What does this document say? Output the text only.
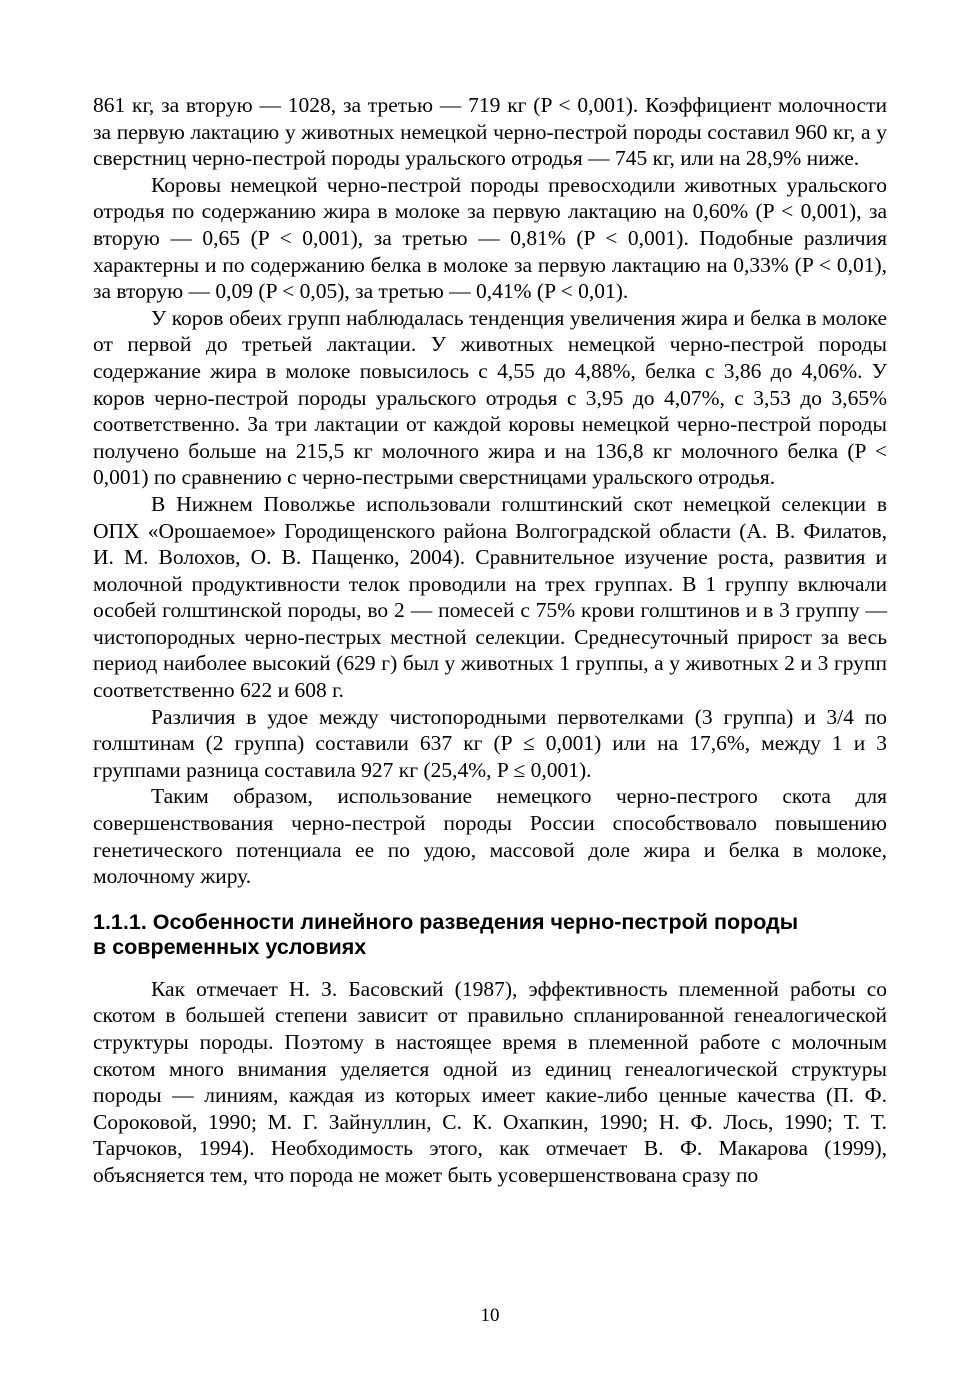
861 кг, за вторую — 1028, за третью — 719 кг (P < 0,001). Коэффициент молочности за первую лактацию у животных немецкой черно-пестрой породы составил 960 кг, а у сверстниц черно-пестрой породы уральского отродья — 745 кг, или на 28,9% ниже.

Коровы немецкой черно-пестрой породы превосходили животных уральского отродья по содержанию жира в молоке за первую лактацию на 0,60% (P < 0,001), за вторую — 0,65 (P < 0,001), за третью — 0,81% (P < 0,001). Подобные различия характерны и по содержанию белка в молоке за первую лактацию на 0,33% (P < 0,01), за вторую — 0,09 (P < 0,05), за третью — 0,41% (P < 0,01).

У коров обеих групп наблюдалась тенденция увеличения жира и белка в молоке от первой до третьей лактации. У животных немецкой черно-пестрой породы содержание жира в молоке повысилось с 4,55 до 4,88%, белка с 3,86 до 4,06%. У коров черно-пестрой породы уральского отродья с 3,95 до 4,07%, с 3,53 до 3,65% соответственно. За три лактации от каждой коровы немецкой черно-пестрой породы получено больше на 215,5 кг молочного жира и на 136,8 кг молочного белка (P < 0,001) по сравнению с черно-пестрыми сверстницами уральского отродья.

В Нижнем Поволжье использовали голштинский скот немецкой селекции в ОПХ «Орошаемое» Городищенского района Волгоградской области (А. В. Филатов, И. М. Волохов, О. В. Пащенко, 2004). Сравнительное изучение роста, развития и молочной продуктивности телок проводили на трех группах. В 1 группу включали особей голштинской породы, во 2 — помесей с 75% крови голштинов и в 3 группу — чистопородных черно-пестрых местной селекции. Среднесуточный прирост за весь период наиболее высокий (629 г) был у животных 1 группы, а у животных 2 и 3 групп соответственно 622 и 608 г.

Различия в удое между чистопородными первотелками (3 группа) и 3/4 по голштинам (2 группа) составили 637 кг (P ≤ 0,001) или на 17,6%, между 1 и 3 группами разница составила 927 кг (25,4%, P ≤ 0,001).

Таким образом, использование немецкого черно-пестрого скота для совершенствования черно-пестрой породы России способствовало повышению генетического потенциала ее по удою, массовой доле жира и белка в молоке, молочному жиру.

1.1.1. Особенности линейного разведения черно-пестрой породы
в современных условиях

Как отмечает Н. З. Басовский (1987), эффективность племенной работы со скотом в большей степени зависит от правильно спланированной генеалогической структуры породы. Поэтому в настоящее время в племенной работе с молочным скотом много внимания уделяется одной из единиц генеалогической структуры породы — линиям, каждая из которых имеет какие-либо ценные качества (П. Ф. Сороковой, 1990; М. Г. Зайнуллин, С. К. Охапкин, 1990; Н. Ф. Лось, 1990; Т. Т. Тарчоков, 1994). Необходимость этого, как отмечает В. Ф. Макарова (1999), объясняется тем, что порода не может быть усовершенствована сразу по

10
